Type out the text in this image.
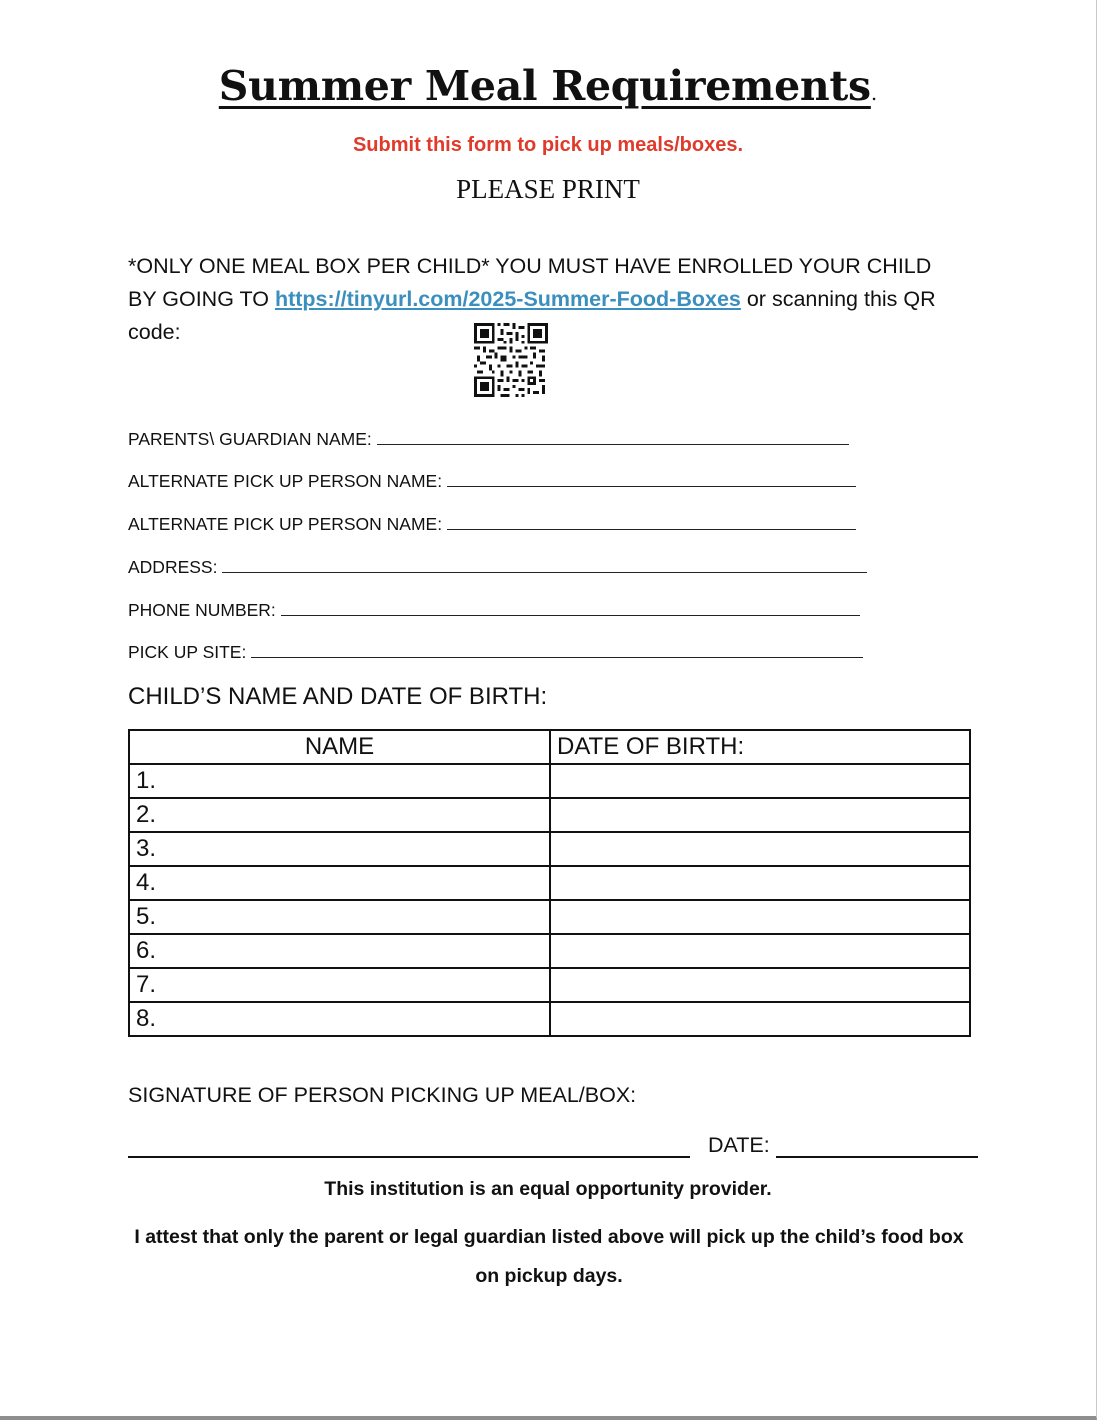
Summer Meal Requirements.
Submit this form to pick up meals/boxes.
PLEASE PRINT
*ONLY ONE MEAL BOX PER CHILD* YOU MUST HAVE ENROLLED YOUR CHILD BY GOING TO https://tinyurl.com/2025-Summer-Food-Boxes or scanning this QR code:
PARENTS\ GUARDIAN NAME:
ALTERNATE PICK UP PERSON NAME:
ALTERNATE PICK UP PERSON NAME:
ADDRESS:
PHONE NUMBER:
PICK UP SITE:
CHILD’S NAME AND DATE OF BIRTH:
NAME	DATE OF BIRTH:
1.	
2.	
3.	
4.	
5.	
6.	
7.	
8.	
SIGNATURE OF PERSON PICKING UP MEAL/BOX:
DATE:
This institution is an equal opportunity provider.
I attest that only the parent or legal guardian listed above will pick up the child’s food box on pickup days.
